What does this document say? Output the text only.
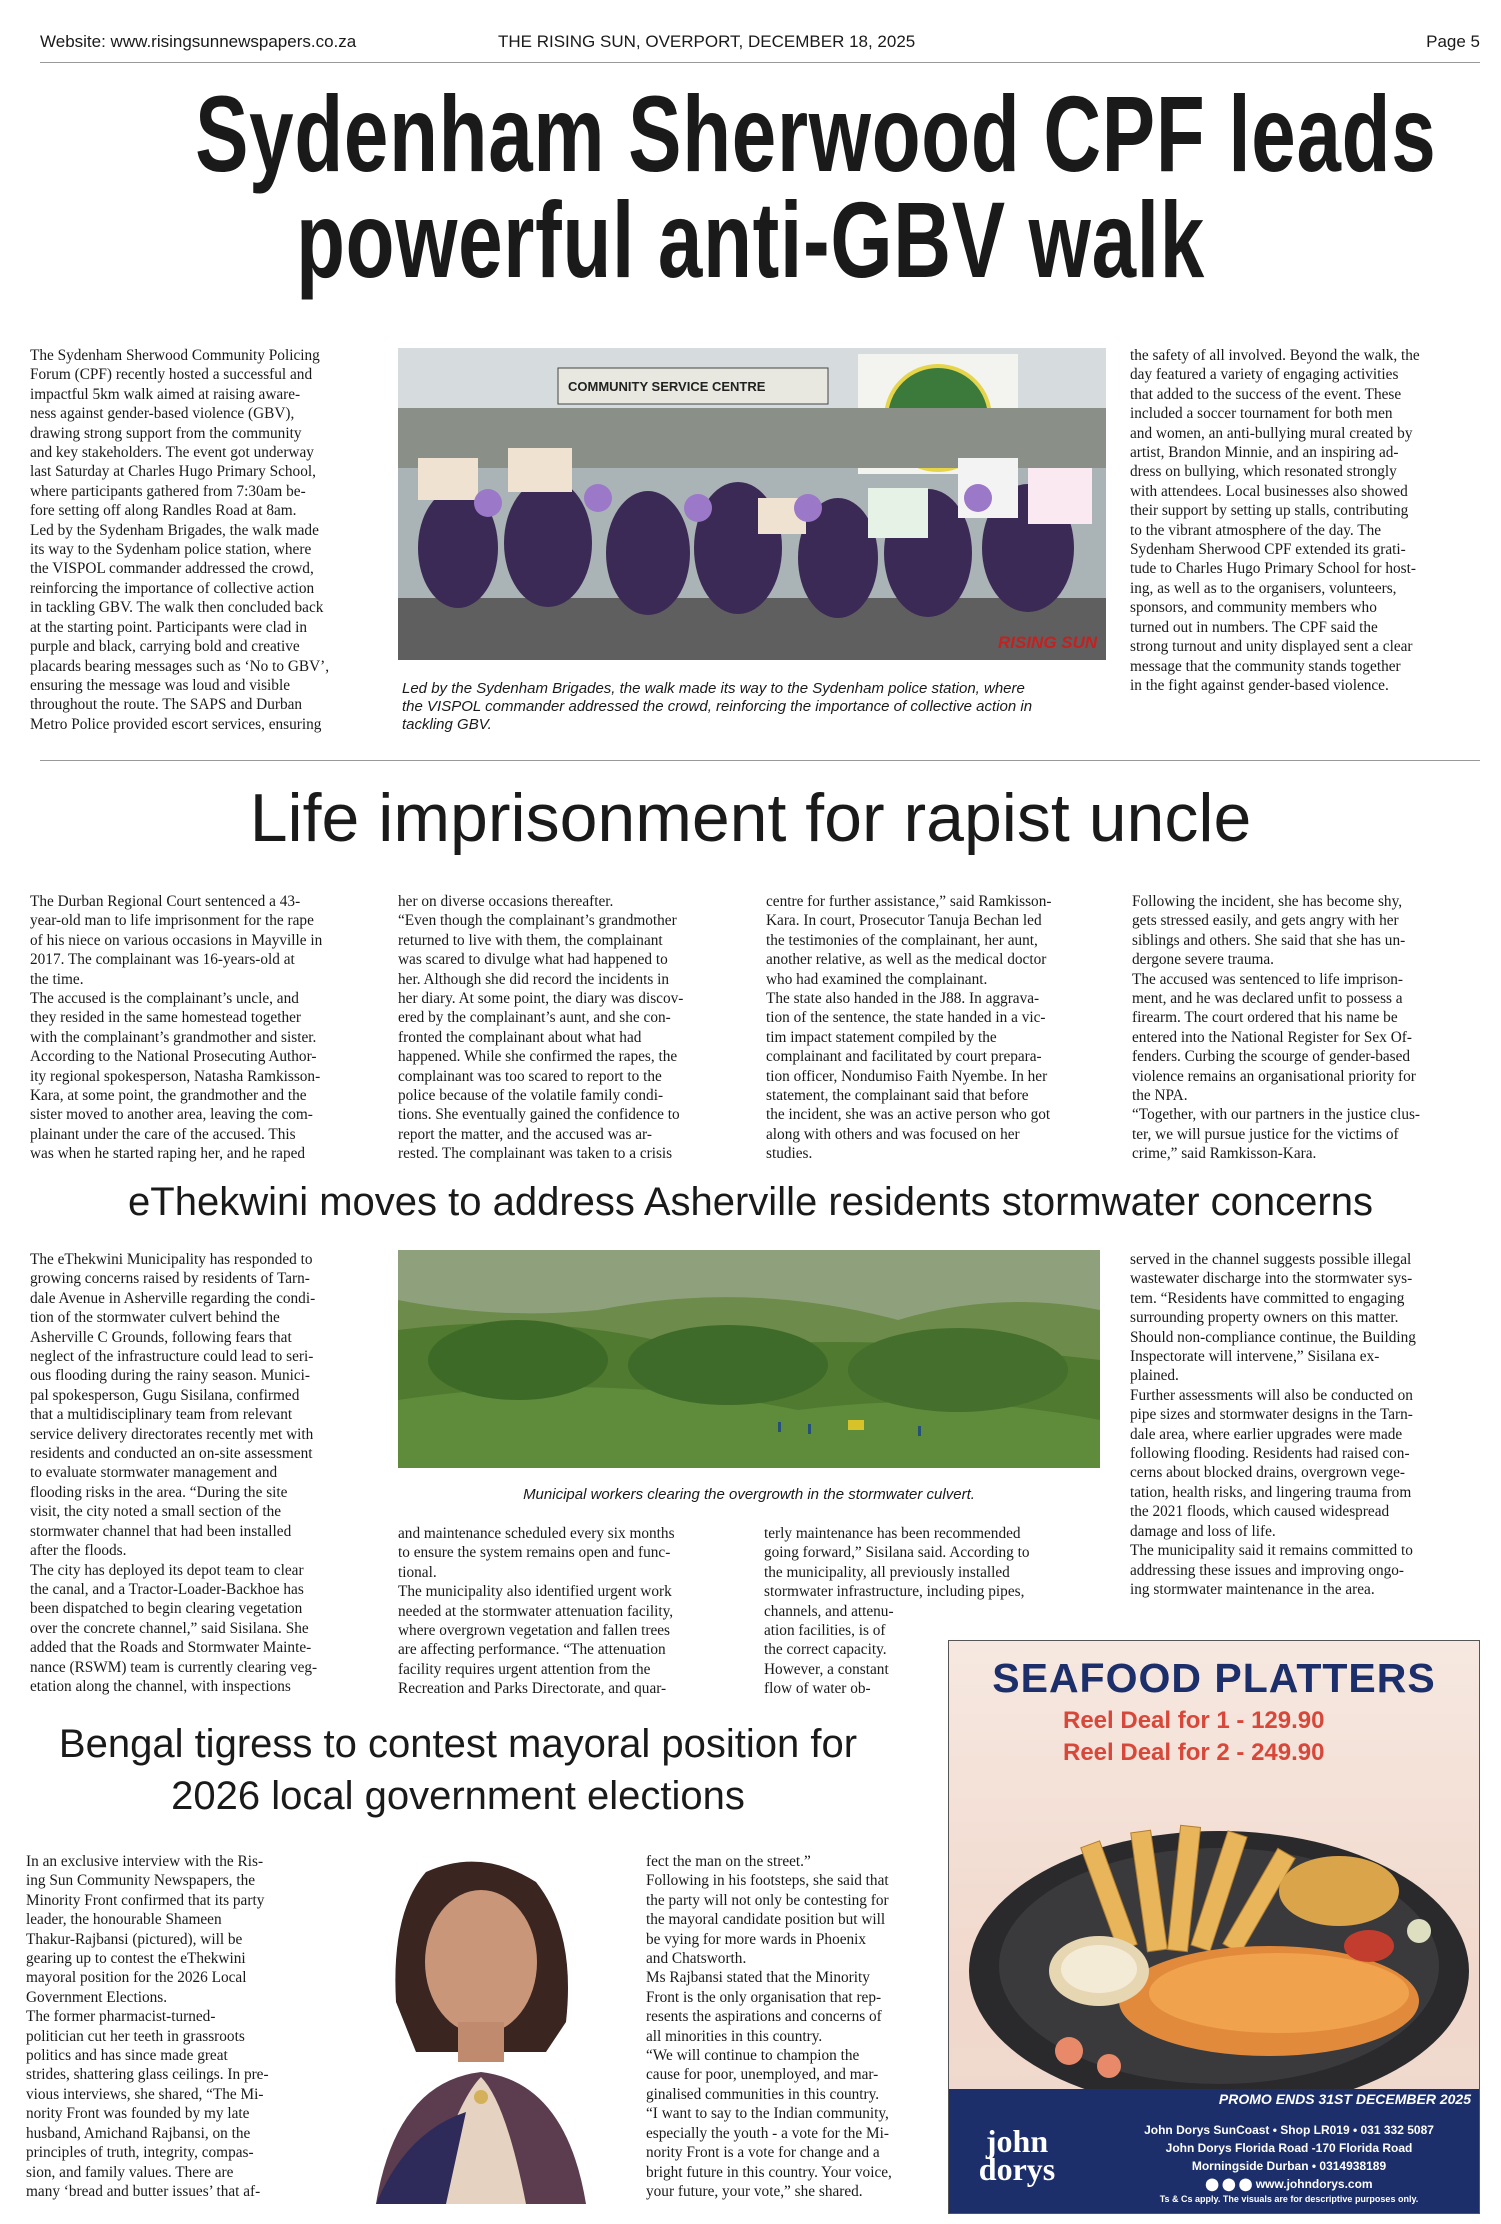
Website: www.risingsunnewspapers.co.za	THE RISING SUN, OVERPORT, DECEMBER 18, 2025	Page 5
Sydenham Sherwood CPF leads
powerful anti-GBV walk

The Sydenham Sherwood Community Policing

Forum (CPF) recently hosted a successful and

impactful 5km walk aimed at raising aware-

ness against gender-based violence (GBV),

drawing strong support from the community

and key stakeholders. The event got underway

last Saturday at Charles Hugo Primary School,

where participants gathered from 7:30am be-

fore setting off along Randles Road at 8am.

Led by the Sydenham Brigades, the walk made

its way to the Sydenham police station, where

the VISPOL commander addressed the crowd,

reinforcing the importance of collective action

in tackling GBV. The walk then concluded back

at the starting point. Participants were clad in

purple and black, carrying bold and creative

placards bearing messages such as ‘No to GBV’,

ensuring the message was loud and visible

throughout the route. The SAPS and Durban

Metro Police provided escort services, ensuring

COMMUNITY SERVICE CENTRE
RISING SUN
Led by the Sydenham Brigades, the walk made its way to the Sydenham police station, where
the VISPOL commander addressed the crowd, reinforcing the importance of collective action in
tackling GBV.

the safety of all involved. Beyond the walk, the

day featured a variety of engaging activities

that added to the success of the event. These

included a soccer tournament for both men

and women, an anti-bullying mural created by

artist, Brandon Minnie, and an inspiring ad-

dress on bullying, which resonated strongly

with attendees. Local businesses also showed

their support by setting up stalls, contributing

to the vibrant atmosphere of the day. The

Sydenham Sherwood CPF extended its grati-

tude to Charles Hugo Primary School for host-

ing, as well as to the organisers, volunteers,

sponsors, and community members who

turned out in numbers. The CPF said the

strong turnout and unity displayed sent a clear

message that the community stands together

in the fight against gender-based violence.

Life imprisonment for rapist uncle

The Durban Regional Court sentenced a 43-

year-old man to life imprisonment for the rape

of his niece on various occasions in Mayville in

2017. The complainant was 16-years-old at

the time.

The accused is the complainant’s uncle, and

they resided in the same homestead together

with the complainant’s grandmother and sister.

According to the National Prosecuting Author-

ity regional spokesperson, Natasha Ramkisson-

Kara, at some point, the grandmother and the

sister moved to another area, leaving the com-

plainant under the care of the accused. This

was when he started raping her, and he raped

her on diverse occasions thereafter.

“Even though the complainant’s grandmother

returned to live with them, the complainant

was scared to divulge what had happened to

her. Although she did record the incidents in

her diary. At some point, the diary was discov-

ered by the complainant’s aunt, and she con-

fronted the complainant about what had

happened. While she confirmed the rapes, the

complainant was too scared to report to the

police because of the volatile family condi-

tions. She eventually gained the confidence to

report the matter, and the accused was ar-

rested. The complainant was taken to a crisis

centre for further assistance,” said Ramkisson-

Kara. In court, Prosecutor Tanuja Bechan led

the testimonies of the complainant, her aunt,

another relative, as well as the medical doctor

who had examined the complainant.

The state also handed in the J88. In aggrava-

tion of the sentence, the state handed in a vic-

tim impact statement compiled by the

complainant and facilitated by court prepara-

tion officer, Nondumiso Faith Nyembe. In her

statement, the complainant said that before

the incident, she was an active person who got

along with others and was focused on her

studies.

Following the incident, she has become shy,

gets stressed easily, and gets angry with her

siblings and others. She said that she has un-

dergone severe trauma.

The accused was sentenced to life imprison-

ment, and he was declared unfit to possess a

firearm. The court ordered that his name be

entered into the National Register for Sex Of-

fenders. Curbing the scourge of gender-based

violence remains an organisational priority for

the NPA.

“Together, with our partners in the justice clus-

ter, we will pursue justice for the victims of

crime,” said Ramkisson-Kara.

eThekwini moves to address Asherville residents stormwater concerns

The eThekwini Municipality has responded to

growing concerns raised by residents of Tarn-

dale Avenue in Asherville regarding the condi-

tion of the stormwater culvert behind the

Asherville C Grounds, following fears that

neglect of the infrastructure could lead to seri-

ous flooding during the rainy season. Munici-

pal spokesperson, Gugu Sisilana, confirmed

that a multidisciplinary team from relevant

service delivery directorates recently met with

residents and conducted an on-site assessment

to evaluate stormwater management and

flooding risks in the area. “During the site

visit, the city noted a small section of the

stormwater channel that had been installed

after the floods.

The city has deployed its depot team to clear

the canal, and a Tractor-Loader-Backhoe has

been dispatched to begin clearing vegetation

over the concrete channel,” said Sisilana. She

added that the Roads and Stormwater Mainte-

nance (RSWM) team is currently clearing veg-

etation along the channel, with inspections

Municipal workers clearing the overgrowth in the stormwater culvert.

and maintenance scheduled every six months

to ensure the system remains open and func-

tional.

The municipality also identified urgent work

needed at the stormwater attenuation facility,

where overgrown vegetation and fallen trees

are affecting performance. “The attenuation

facility requires urgent attention from the

Recreation and Parks Directorate, and quar-

terly maintenance has been recommended

going forward,” Sisilana said. According to

the municipality, all previously installed

stormwater infrastructure, including pipes,

channels, and attenu-

ation facilities, is of

the correct capacity.

However, a constant

flow of water ob-

served in the channel suggests possible illegal

wastewater discharge into the stormwater sys-

tem. “Residents have committed to engaging

surrounding property owners on this matter.

Should non-compliance continue, the Building

Inspectorate will intervene,” Sisilana ex-

plained.

Further assessments will also be conducted on

pipe sizes and stormwater designs in the Tarn-

dale area, where earlier upgrades were made

following flooding. Residents had raised con-

cerns about blocked drains, overgrown vege-

tation, health risks, and lingering trauma from

the 2021 floods, which caused widespread

damage and loss of life.

The municipality said it remains committed to

addressing these issues and improving ongo-

ing stormwater maintenance in the area.

Bengal tigress to contest mayoral position for
2026 local government elections

In an exclusive interview with the Ris-

ing Sun Community Newspapers, the

Minority Front confirmed that its party

leader, the honourable Shameen

Thakur-Rajbansi (pictured), will be

gearing up to contest the eThekwini

mayoral position for the 2026 Local

Government Elections.

The former pharmacist-turned-

politician cut her teeth in grassroots

politics and has since made great

strides, shattering glass ceilings. In pre-

vious interviews, she shared, “The Mi-

nority Front was founded by my late

husband, Amichand Rajbansi, on the

principles of truth, integrity, compas-

sion, and family values. There are

many ‘bread and butter issues’ that af-

fect the man on the street.”

Following in his footsteps, she said that

the party will not only be contesting for

the mayoral candidate position but will

be vying for more wards in Phoenix

and Chatsworth.

Ms Rajbansi stated that the Minority

Front is the only organisation that rep-

resents the aspirations and concerns of

all minorities in this country.

“We will continue to champion the

cause for poor, unemployed, and mar-

ginalised communities in this country.

“I want to say to the Indian community,

especially the youth - a vote for the Mi-

nority Front is a vote for change and a

bright future in this country. Your voice,

your future, your vote,” she shared.

SEAFOOD PLATTERS
Reel Deal for 1 - 129.90
Reel Deal for 2 - 249.90
PROMO ENDS 31ST DECEMBER 2025
john
dorys
John Dorys SunCoast • Shop LR019 • 031 332 5087
John Dorys Florida Road -170 Florida Road
Morningside Durban • 0314938189
⬤ ⬤ ⬤ www.johndorys.com
Ts & Cs apply. The visuals are for descriptive purposes only.
